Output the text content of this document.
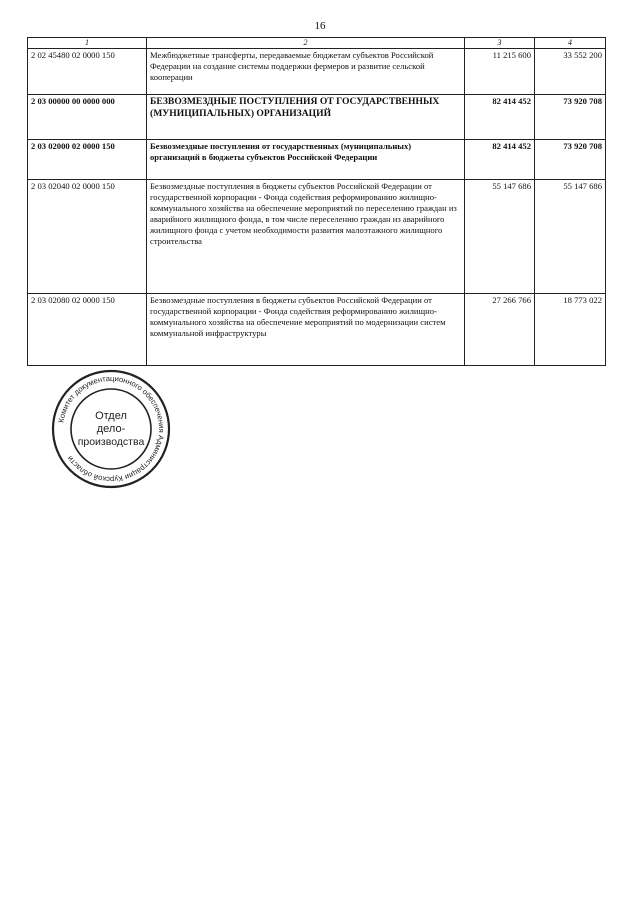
16
1	2	3	4
2 02 45480 02 0000 150	Межбюджетные трансферты, передаваемые бюджетам субъектов Российской Федерации на создание системы поддержки фермеров и развитие сельской кооперации	11 215 600	33 552 200
2 03 00000 00 0000 000	БЕЗВОЗМЕЗДНЫЕ ПОСТУПЛЕНИЯ ОТ ГОСУДАРСТВЕННЫХ (МУНИЦИПАЛЬНЫХ) ОРГАНИЗАЦИЙ	82 414 452	73 920 708
2 03 02000 02 0000 150	Безвозмездные поступления от государственных (муниципальных) организаций в бюджеты субъектов Российской Федерации	82 414 452	73 920 708
2 03 02040 02 0000 150	Безвозмездные поступления в бюджеты субъектов Российской Федерации от государственной корпорации - Фонда содействия реформированию жилищно-коммунального хозяйства на обеспечение мероприятий по переселению граждан из аварийного жилищного фонда, в том числе переселению граждан из аварийного жилищного фонда с учетом необходимости развития малоэтажного жилищного строительства	55 147 686	55 147 686
2 03 02080 02 0000 150	Безвозмездные поступления в бюджеты субъектов Российской Федерации от государственной корпорации - Фонда содействия реформированию жилищно-коммунального хозяйства на обеспечение мероприятий по модернизации систем коммунальной инфраструктуры	27 266 766	18 773 022
Комитет документационного обеспечения Администрации Курской области
Отдел
дело-
производства
